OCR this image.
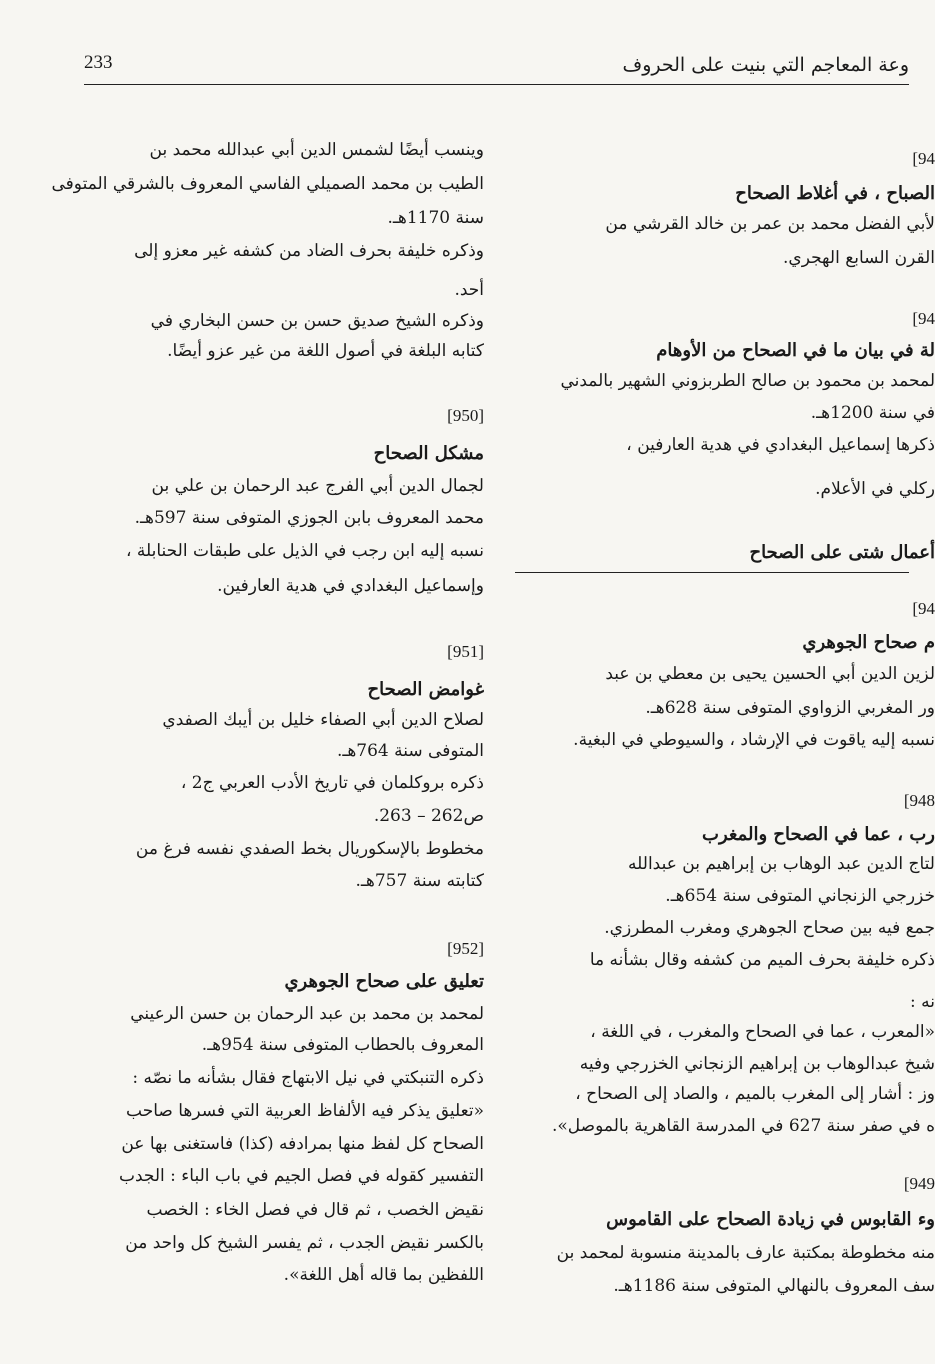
233	وعة المعاجم التي بنيت على الحروف
[94
الصباح ، في أغلاط الصحاح
لأبي الفضل محمد بن عمر بن خالد القرشي من
القرن السابع الهجري.
[94
لة في بيان ما في الصحاح من الأوهام
لمحمد بن محمود بن صالح الطربزوني الشهير بالمدني
في سنة 1200هـ.
ذكرها إسماعيل البغدادي في هدية العارفين ،
ركلي في الأعلام.
أعمال شتى على الصحاح
[94
م صحاح الجوهري
لزين الدين أبي الحسين يحيى بن معطي بن عبد
ور المغربي الزواوي المتوفى سنة 628هـ.
نسبه إليه ياقوت في الإرشاد ، والسيوطي في البغية.
[948
رب ، عما في الصحاح والمغرب
لتاج الدين عبد الوهاب بن إبراهيم بن عبدالله
خزرجي الزنجاني المتوفى سنة 654هـ.
جمع فيه بين صحاح الجوهري ومغرب المطرزي.
ذكره خليفة بحرف الميم من كشفه وقال بشأنه ما
نه :
«المعرب ، عما في الصحاح والمغرب ، في اللغة ،
شيخ عبدالوهاب بن إبراهيم الزنجاني الخزرجي وفيه
وز : أشار إلى المغرب بالميم ، والصاد إلى الصحاح ،
ه في صفر سنة 627 في المدرسة القاهرية بالموصل».
[949
وء القابوس في زيادة الصحاح على القاموس
منه مخطوطة بمكتبة عارف بالمدينة منسوبة لمحمد بن
سف المعروف بالنهالي المتوفى سنة 1186هـ.
وينسب أيضًا لشمس الدين أبي عبدالله محمد بن
الطيب بن محمد الصميلي الفاسي المعروف بالشرقي المتوفى
سنة 1170هـ.
وذكره خليفة بحرف الضاد من كشفه غير معزو إلى
أحد.
وذكره الشيخ صديق حسن بن حسن البخاري في
كتابه البلغة في أصول اللغة من غير عزو أيضًا.
[950]
مشكل الصحاح
لجمال الدين أبي الفرج عبد الرحمان بن علي بن
محمد المعروف بابن الجوزي المتوفى سنة 597هـ.
نسبه إليه ابن رجب في الذيل على طبقات الحنابلة ،
وإسماعيل البغدادي في هدية العارفين.
[951]
غوامض الصحاح
لصلاح الدين أبي الصفاء خليل بن أيبك الصفدي
المتوفى سنة 764هـ.
ذكره بروكلمان في تاريخ الأدب العربي ج2 ،
ص262 – 263.
مخطوط بالإسكوريال بخط الصفدي نفسه فرغ من
كتابته سنة 757هـ.
[952]
تعليق على صحاح الجوهري
لمحمد بن محمد بن عبد الرحمان بن حسن الرعيني
المعروف بالحطاب المتوفى سنة 954هـ.
ذكره التنبكتي في نيل الابتهاج فقال بشأنه ما نصّه :
«تعليق يذكر فيه الألفاظ العربية التي فسرها صاحب
الصحاح كل لفظ منها بمرادفه (كذا) فاستغنى بها عن
التفسير كقوله في فصل الجيم في باب الباء : الجدب
نقيض الخصب ، ثم قال في فصل الخاء : الخصب
بالكسر نقيض الجدب ، ثم يفسر الشيخ كل واحد من
اللفظين بما قاله أهل اللغة».
